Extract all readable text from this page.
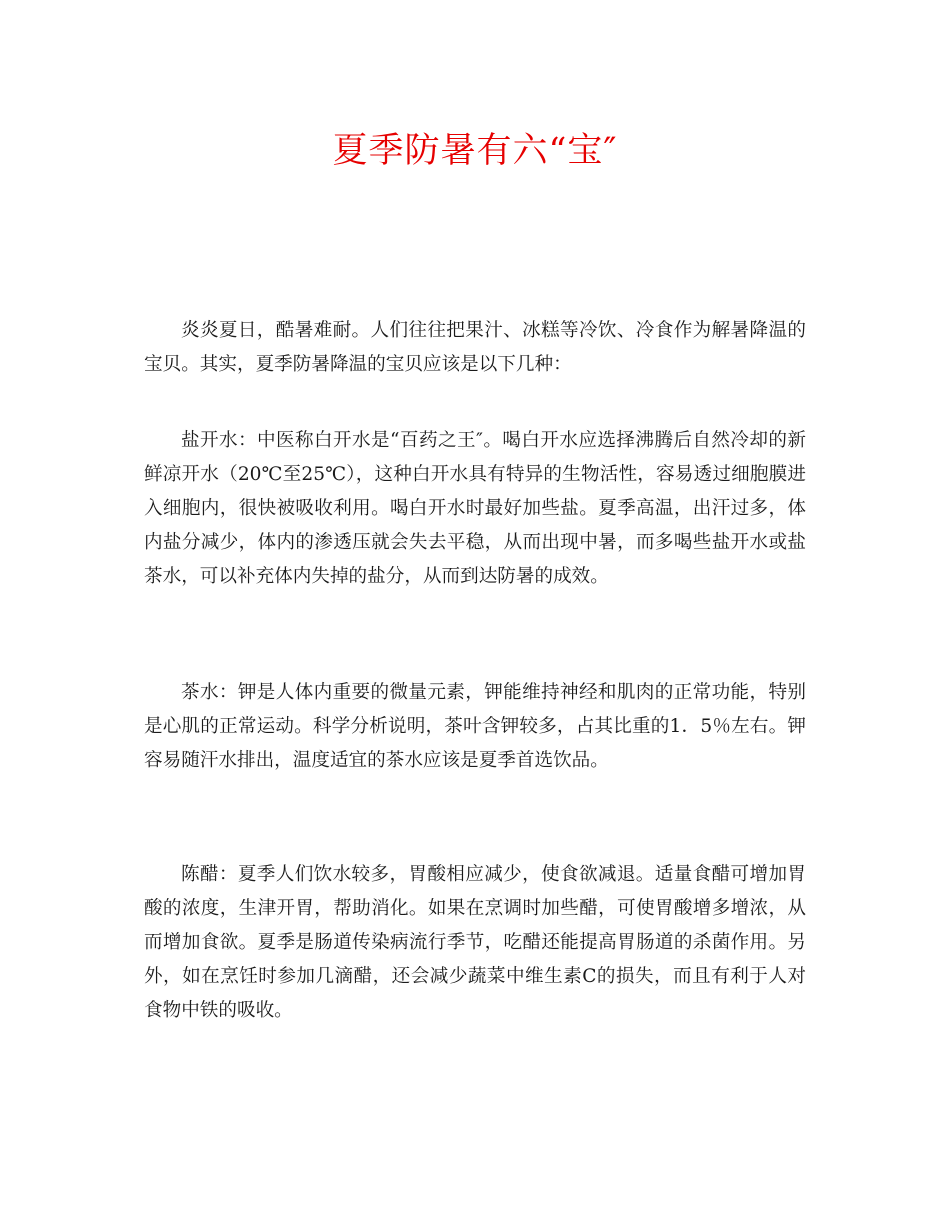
夏季防暑有六“宝″

炎炎夏日，酷暑难耐。人们往往把果汁、冰糕等冷饮、冷食作为解暑降温的宝贝。其实，夏季防暑降温的宝贝应该是以下几种：

盐开水：中医称白开水是“百药之王″。喝白开水应选择沸腾后自然冷却的新鲜凉开水（20℃至25℃），这种白开水具有特异的生物活性，容易透过细胞膜进入细胞内，很快被吸收利用。喝白开水时最好加些盐。夏季高温，出汗过多，体内盐分减少，体内的渗透压就会失去平稳，从而出现中暑，而多喝些盐开水或盐茶水，可以补充体内失掉的盐分，从而到达防暑的成效。

茶水：钾是人体内重要的微量元素，钾能维持神经和肌肉的正常功能，特别是心肌的正常运动。科学分析说明，茶叶含钾较多，占其比重的1．5％左右。钾容易随汗水排出，温度适宜的茶水应该是夏季首选饮品。

陈醋：夏季人们饮水较多，胃酸相应减少，使食欲减退。适量食醋可增加胃酸的浓度，生津开胃，帮助消化。如果在烹调时加些醋，可使胃酸增多增浓，从而增加食欲。夏季是肠道传染病流行季节，吃醋还能提高胃肠道的杀菌作用。另外，如在烹饪时参加几滴醋，还会减少蔬菜中维生素C的损失，而且有利于人对食物中铁的吸收。
